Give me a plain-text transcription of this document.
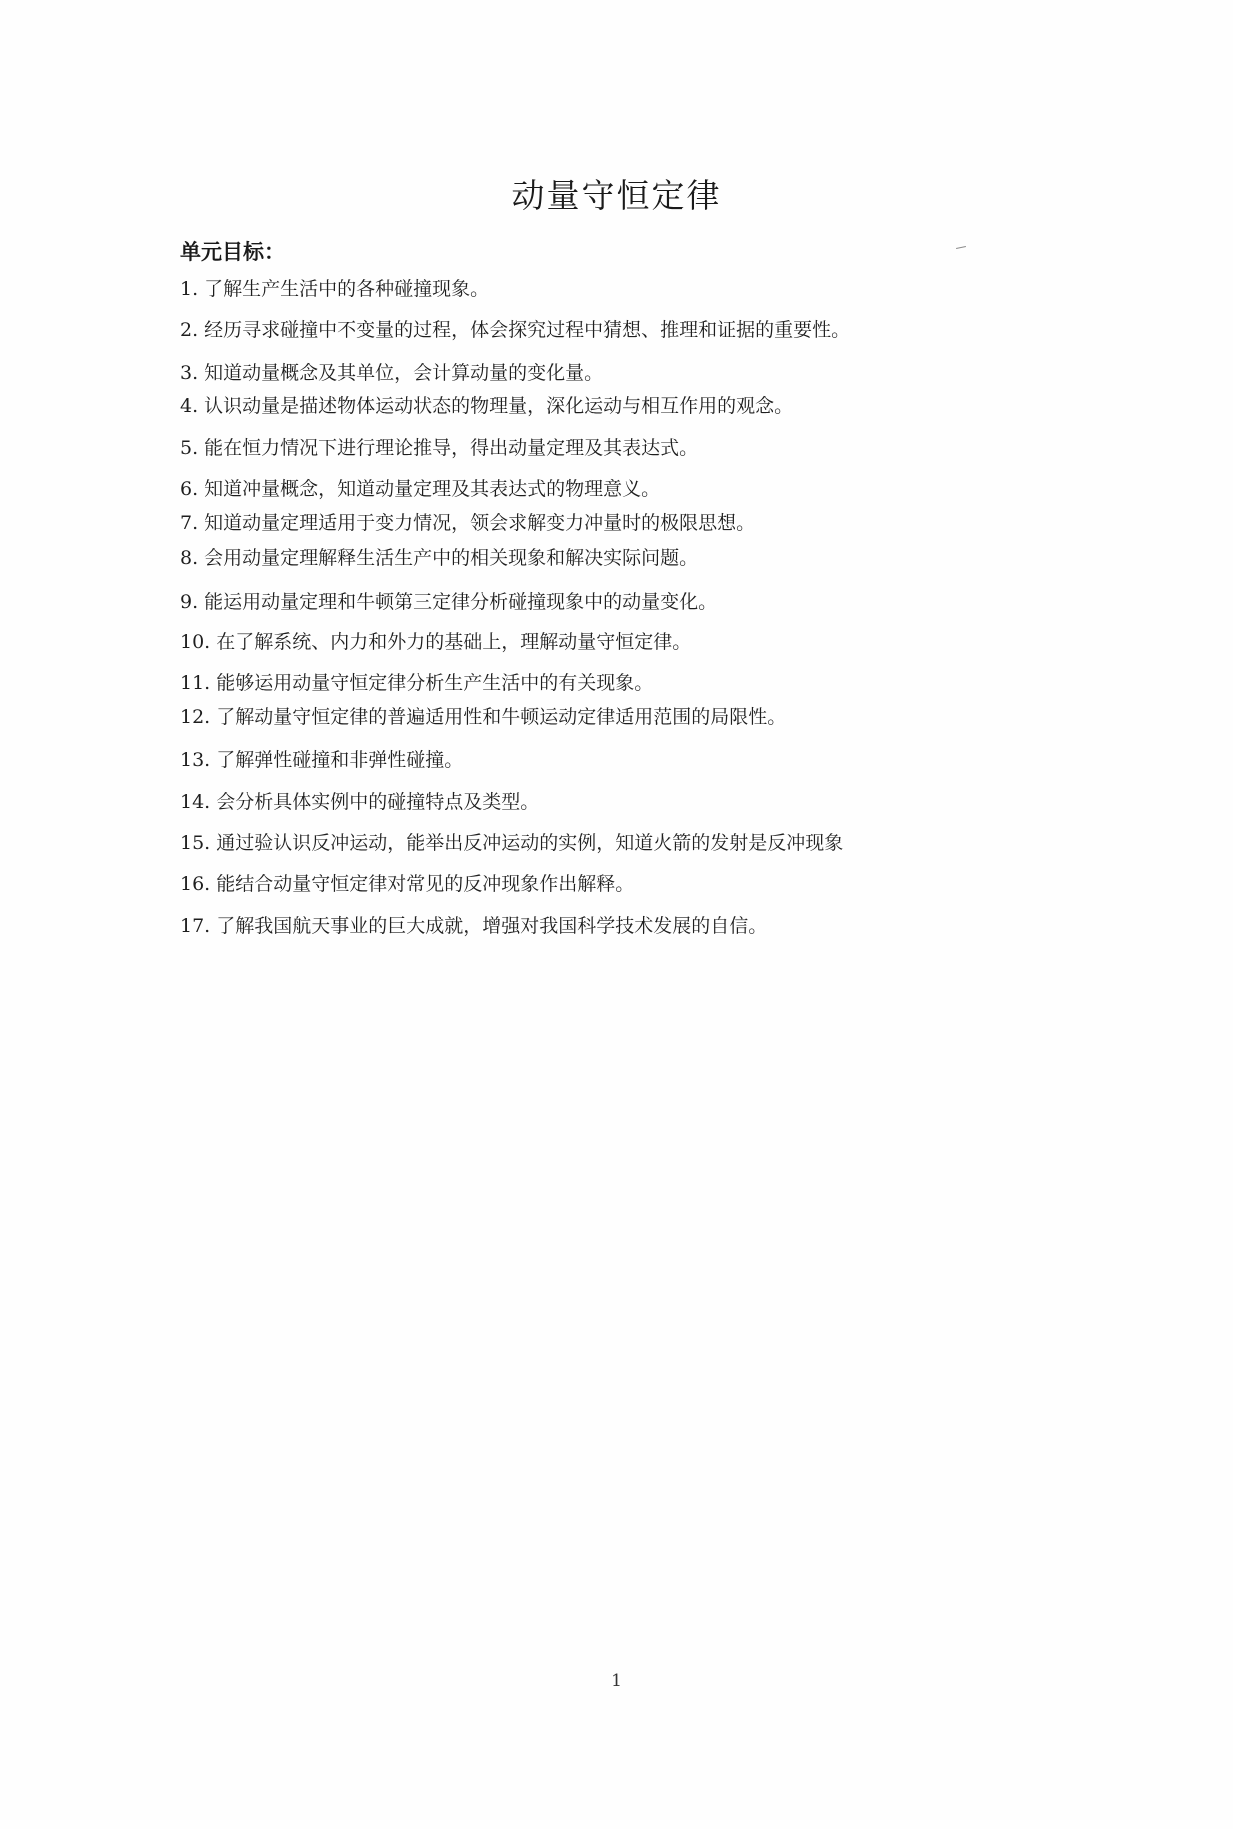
动量守恒定律
单元目标：
1. 了解生产生活中的各种碰撞现象。
2. 经历寻求碰撞中不变量的过程，体会探究过程中猜想、推理和证据的重要性。
3. 知道动量概念及其单位，会计算动量的变化量。
4. 认识动量是描述物体运动状态的物理量，深化运动与相互作用的观念。
5. 能在恒力情况下进行理论推导，得出动量定理及其表达式。
6. 知道冲量概念，知道动量定理及其表达式的物理意义。
7. 知道动量定理适用于变力情况，领会求解变力冲量时的极限思想。
8. 会用动量定理解释生活生产中的相关现象和解决实际问题。
9. 能运用动量定理和牛顿第三定律分析碰撞现象中的动量变化。
10. 在了解系统、内力和外力的基础上，理解动量守恒定律。
11. 能够运用动量守恒定律分析生产生活中的有关现象。
12. 了解动量守恒定律的普遍适用性和牛顿运动定律适用范围的局限性。
13. 了解弹性碰撞和非弹性碰撞。
14. 会分析具体实例中的碰撞特点及类型。
15. 通过验认识反冲运动，能举出反冲运动的实例，知道火箭的发射是反冲现象
16. 能结合动量守恒定律对常见的反冲现象作出解释。
17. 了解我国航天事业的巨大成就，增强对我国科学技术发展的自信。
1
